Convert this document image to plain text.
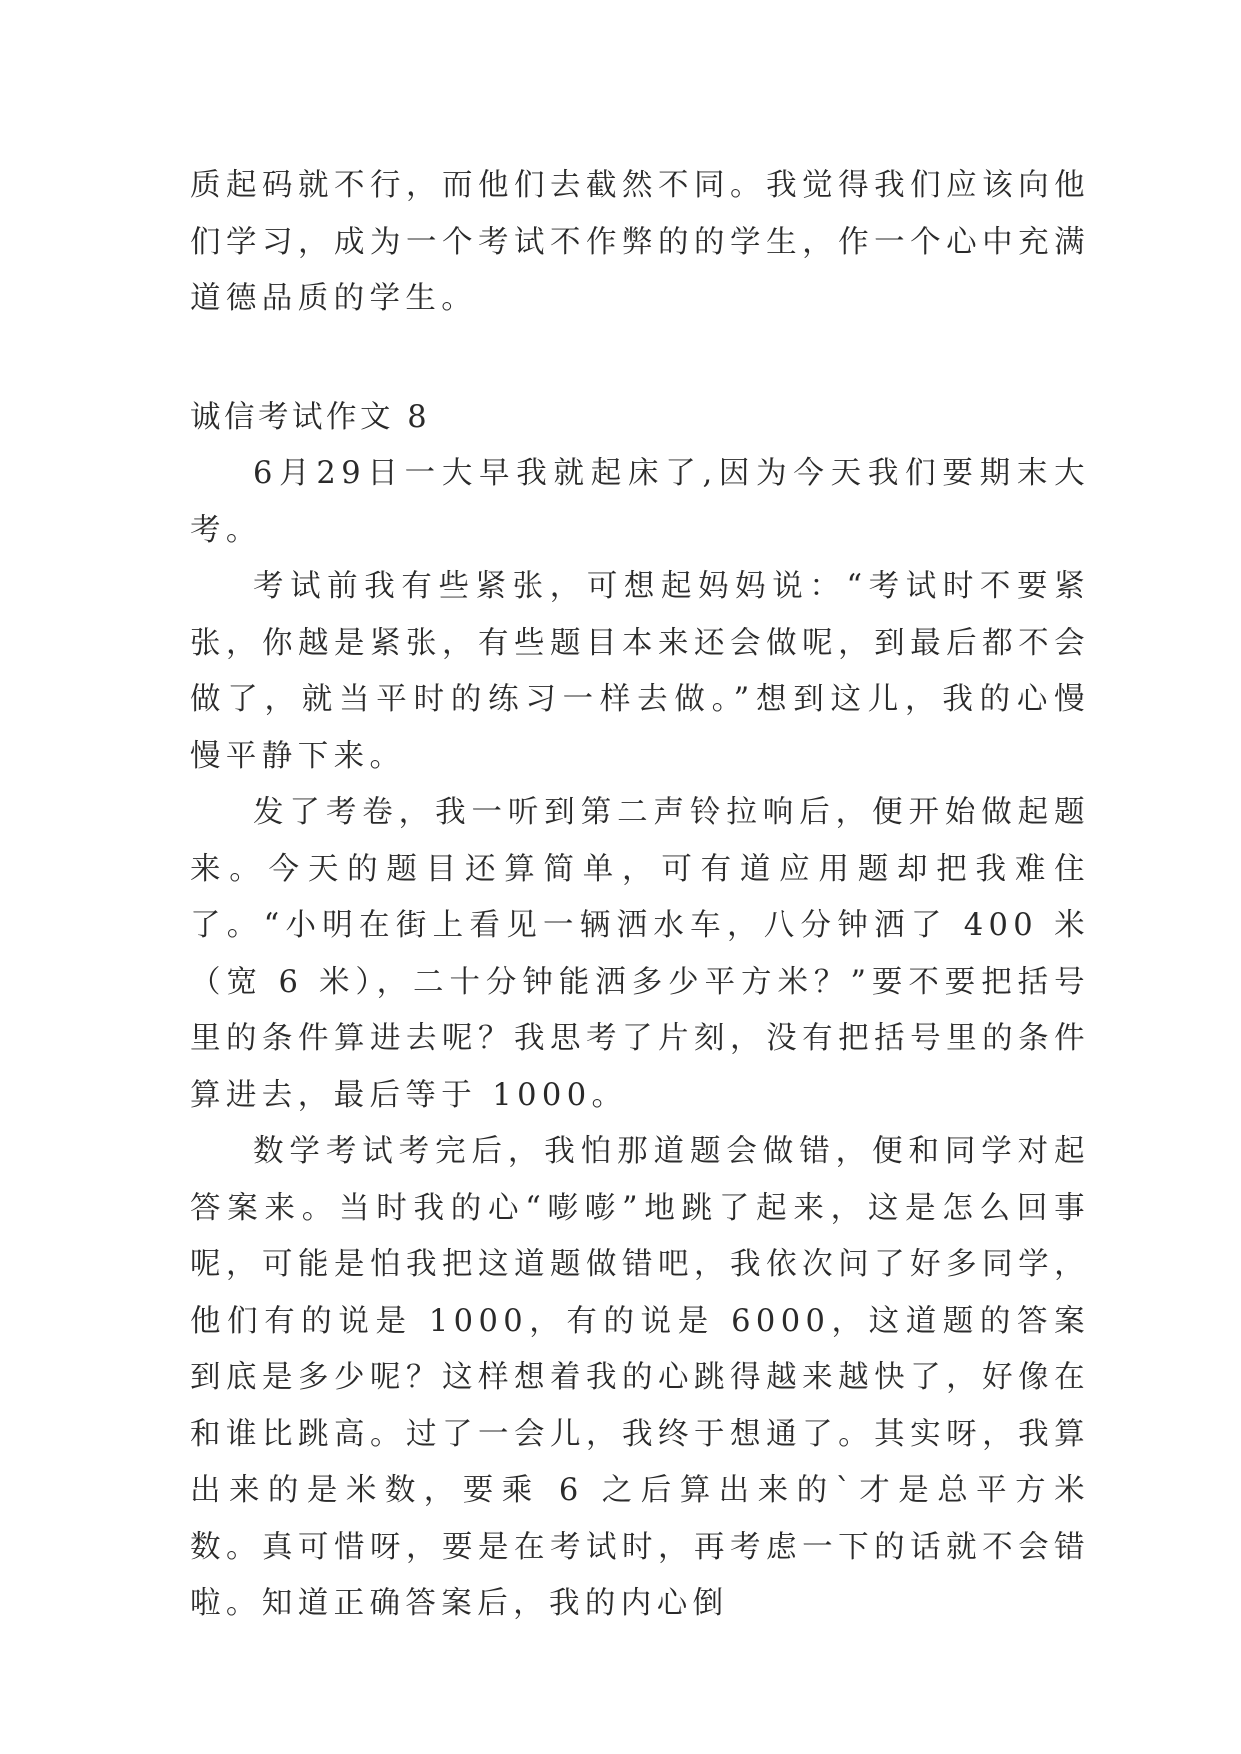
质起码就不行，而他们去截然不同。我觉得我们应该向他们学习，成为一个考试不作弊的的学生，作一个心中充满道德品质的学生。

诚信考试作文 8

6月29日一大早我就起床了,因为今天我们要期末大考。

考试前我有些紧张，可想起妈妈说：“考试时不要紧张，你越是紧张，有些题目本来还会做呢，到最后都不会做了，就当平时的练习一样去做。”想到这儿，我的心慢慢平静下来。

发了考卷，我一听到第二声铃拉响后，便开始做起题来。今天的题目还算简单，可有道应用题却把我难住了。“小明在街上看见一辆洒水车，八分钟洒了 400 米（宽 6 米），二十分钟能洒多少平方米？”要不要把括号里的条件算进去呢？我思考了片刻，没有把括号里的条件算进去，最后等于 1000。

数学考试考完后，我怕那道题会做错，便和同学对起答案来。当时我的心“嘭嘭”地跳了起来，这是怎么回事呢，可能是怕我把这道题做错吧，我依次问了好多同学，他们有的说是 1000，有的说是 6000，这道题的答案到底是多少呢？这样想着我的心跳得越来越快了，好像在和谁比跳高。过了一会儿，我终于想通了。其实呀，我算出来的是米数，要乘 6 之后算出来的`才是总平方米数。真可惜呀，要是在考试时，再考虑一下的话就不会错啦。知道正确答案后，我的内心倒
